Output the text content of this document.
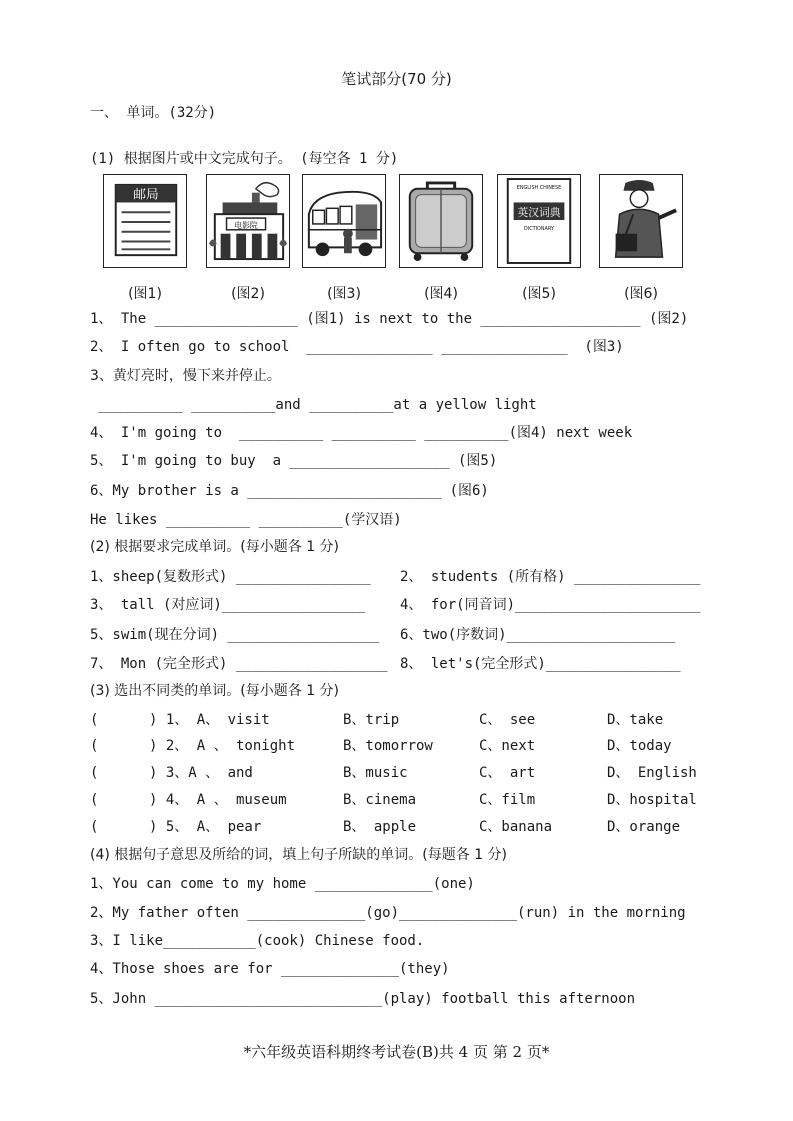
笔试部分(70 分)
一、 单词。(32分)
(1) 根据图片或中文完成句子。 (每空各 1 分)
邮局
(图1)
电影院
(图2)	(图3)	(图4)
ENGLISH CHINESE
英汉词典
DICTIONARY
(图5)	(图6)
1、 The _________________ (图1) is next to the ___________________ (图2)
2、 I often go to school  _______________ _______________  (图3)
3、黄灯亮时，慢下来并停止。
__________ __________and __________at a yellow light
4、 I'm going to  __________ __________ __________(图4) next week
5、 I'm going to buy  a ___________________ (图5)
6、My brother is a _______________________ (图6)
He likes __________ __________(学汉语)
(2) 根据要求完成单词。(每小题各 1 分)
1、sheep(复数形式) ________________ 2、 students (所有格) _______________
3、 tall (对应词)_________________ 4、 for(同音词)______________________
5、swim(现在分词) __________________ 6、two(序数词)____________________
7、 Mon (完全形式) __________________ 8、 let's(完全形式)________________
(3) 选出不同类的单词。(每小题各 1 分)
(      ) 1、 A、 visit	B、trip	C、 see	D、take
(      ) 2、 A 、 tonight	B、tomorrow	C、next	D、today
(      ) 3、A 、 and	B、music	C、 art	D、 English
(      ) 4、 A 、 museum	B、cinema	C、film	D、hospital
(      ) 5、 A、 pear	B、 apple	C、banana	D、orange
(4) 根据句子意思及所给的词，填上句子所缺的单词。(每题各 1 分)
1、You can come to my home ______________(one)
2、My father often ______________(go)______________(run) in the morning
3、I like___________(cook) Chinese food.
4、Those shoes are for ______________(they)
5、John ___________________________(play) football this afternoon
*六年级英语科期终考试卷(B)共 4 页 第 2 页*
